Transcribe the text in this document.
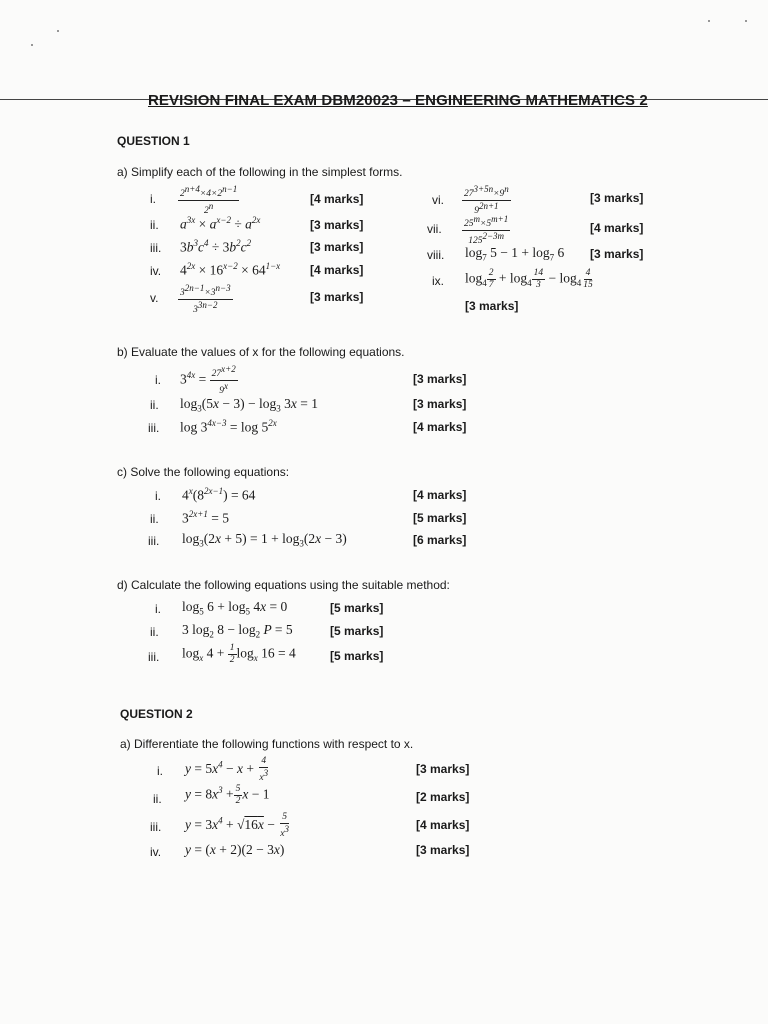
REVISION FINAL EXAM DBM20023 – ENGINEERING MATHEMATICS 2
QUESTION 1
a) Simplify each of the following in the simplest forms.
i. $\frac{2^{n+4}\times 4\times 2^{n-1}}{2^n}$	[4 marks]
ii. $a^{3x} \times a^{x-2} \div a^{2x}$	[3 marks]
iii. $3b^3c^4 \div 3b^2c^2$	[3 marks]
iv. $4^{2x} \times 16^{x-2} \times 64^{1-x}$ [4 marks]
v. $\frac{3^{2n-1}\times 3^{n-3}}{3^{3n-2}}$	[3 marks]
vi. $\frac{27^{3+5n}\times 9^n}{9^{2n+1}}$	[3 marks]
vii. $\frac{25^m\times 5^{m+1}}{125^{2-3m}}$	[4 marks]
viii. $\log_7 5 - 1 + \log_7 6$ [3 marks]
ix. $\log_4 \frac{2}{7} + \log_4 \frac{14}{3} - \log_4 \frac{4}{15}$
[3 marks]
b) Evaluate the values of x for the following equations.
i. $3^{4x} = \frac{27^{x+2}}{9^x}$	[3 marks]
ii. $\log_3(5x - 3) - \log_3 3x = 1$	[3 marks]
iii. $\log 3^{4x-3} = \log 5^{2x}$	[4 marks]
c) Solve the following equations:
i. $4^x(8^{2x-1}) = 64$	[4 marks]
ii. $3^{2x+1} = 5$	[5 marks]
iii. $\log_3(2x + 5) = 1 + \log_3(2x - 3)$	[6 marks]
d) Calculate the following equations using the suitable method:
i. $\log_5 6 + \log_5 4x = 0$	[5 marks]
ii. 3 $\log_2 8 - \log_2 P = 5$	[5 marks]
iii. $\log_x 4 + \frac{1}{2} \log_x 16 = 4$	[5 marks]
QUESTION 2
a) Differentiate the following functions with respect to x.
i. $y = 5x^4 - x + \frac{4}{x^3}$	[3 marks]
ii. $y = 8x^3 + \frac{5}{2}$ x − 1	[2 marks]
iii. $y = 3x^4 + √16x - \frac{5}{x^3}$	[4 marks]
iv. y = (x + 2)(2 − 3x)	[3 marks]
